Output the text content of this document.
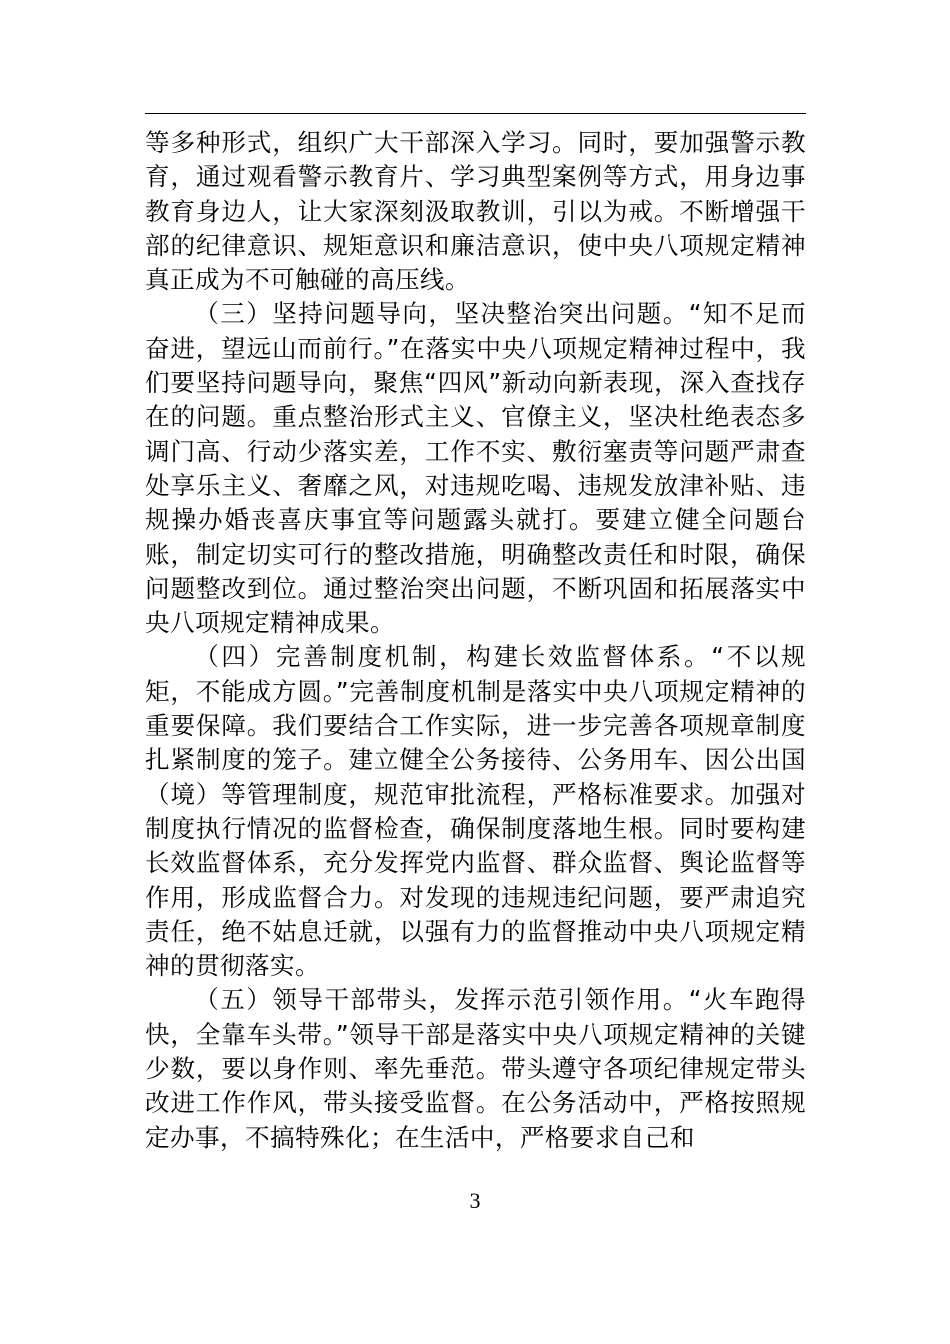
等多种形式，组织广大干部深入学习。同时，要加强警示教育，通过观看警示教育片、学习典型案例等方式，用身边事教育身边人，让大家深刻汲取教训，引以为戒。不断增强干部的纪律意识、规矩意识和廉洁意识，使中央八项规定精神真正成为不可触碰的高压线。

（三）坚持问题导向，坚决整治突出问题。“知不足而奋进，望远山而前行。”在落实中央八项规定精神过程中，我们要坚持问题导向，聚焦“四风”新动向新表现，深入查找存在的问题。重点整治形式主义、官僚主义，坚决杜绝表态多调门高、行动少落实差，工作不实、敷衍塞责等问题严肃查处享乐主义、奢靡之风，对违规吃喝、违规发放津补贴、违规操办婚丧喜庆事宜等问题露头就打。要建立健全问题台账，制定切实可行的整改措施，明确整改责任和时限，确保问题整改到位。通过整治突出问题，不断巩固和拓展落实中央八项规定精神成果。

（四）完善制度机制，构建长效监督体系。“不以规矩，不能成方圆。”完善制度机制是落实中央八项规定精神的重要保障。我们要结合工作实际，进一步完善各项规章制度扎紧制度的笼子。建立健全公务接待、公务用车、因公出国（境）等管理制度，规范审批流程，严格标准要求。加强对制度执行情况的监督检查，确保制度落地生根。同时要构建长效监督体系，充分发挥党内监督、群众监督、舆论监督等作用，形成监督合力。对发现的违规违纪问题，要严肃追究责任，绝不姑息迁就，以强有力的监督推动中央八项规定精神的贯彻落实。

（五）领导干部带头，发挥示范引领作用。“火车跑得快，全靠车头带。”领导干部是落实中央八项规定精神的关键少数，要以身作则、率先垂范。带头遵守各项纪律规定带头改进工作作风，带头接受监督。在公务活动中，严格按照规定办事，不搞特殊化；在生活中，严格要求自己和

3
